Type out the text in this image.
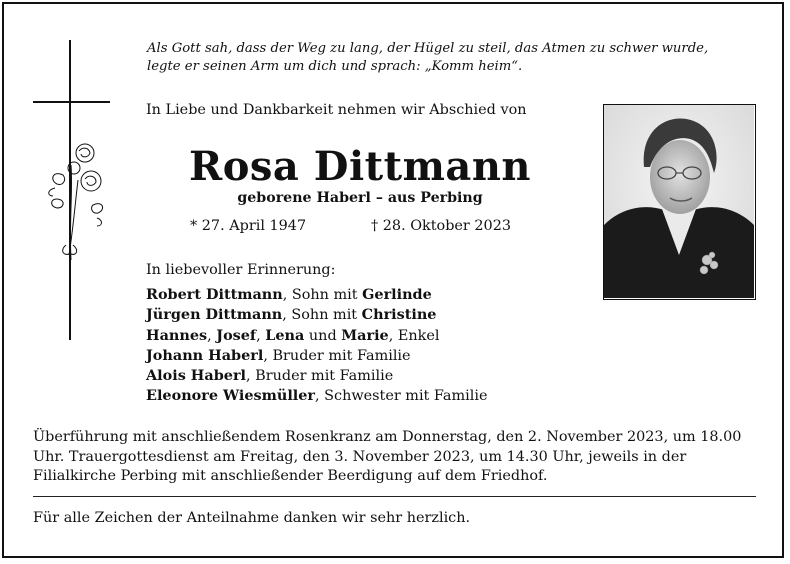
Als Gott sah, dass der Weg zu lang, der Hügel zu steil, das Atmen zu schwer wurde,
legte er seinen Arm um dich und sprach: „Komm heim“.
In Liebe und Dankbarkeit nehmen wir Abschied von
Rosa Dittmann
geborene Haberl – aus Perbing
* 27. April 1947	† 28. Oktober 2023
In liebevoller Erinnerung:
Robert Dittmann, Sohn mit Gerlinde
Jürgen Dittmann, Sohn mit Christine
Hannes, Josef, Lena und Marie, Enkel
Johann Haberl, Bruder mit Familie
Alois Haberl, Bruder mit Familie
Eleonore Wiesmüller, Schwester mit Familie
Überführung mit anschließendem Rosenkranz am Donnerstag, den 2. November 2023, um 18.00 Uhr. Trauergottesdienst am Freitag, den 3. November 2023, um 14.30 Uhr, jeweils in der Filialkirche Perbing mit anschließender Beerdigung auf dem Friedhof.
Für alle Zeichen der Anteilnahme danken wir sehr herzlich.
